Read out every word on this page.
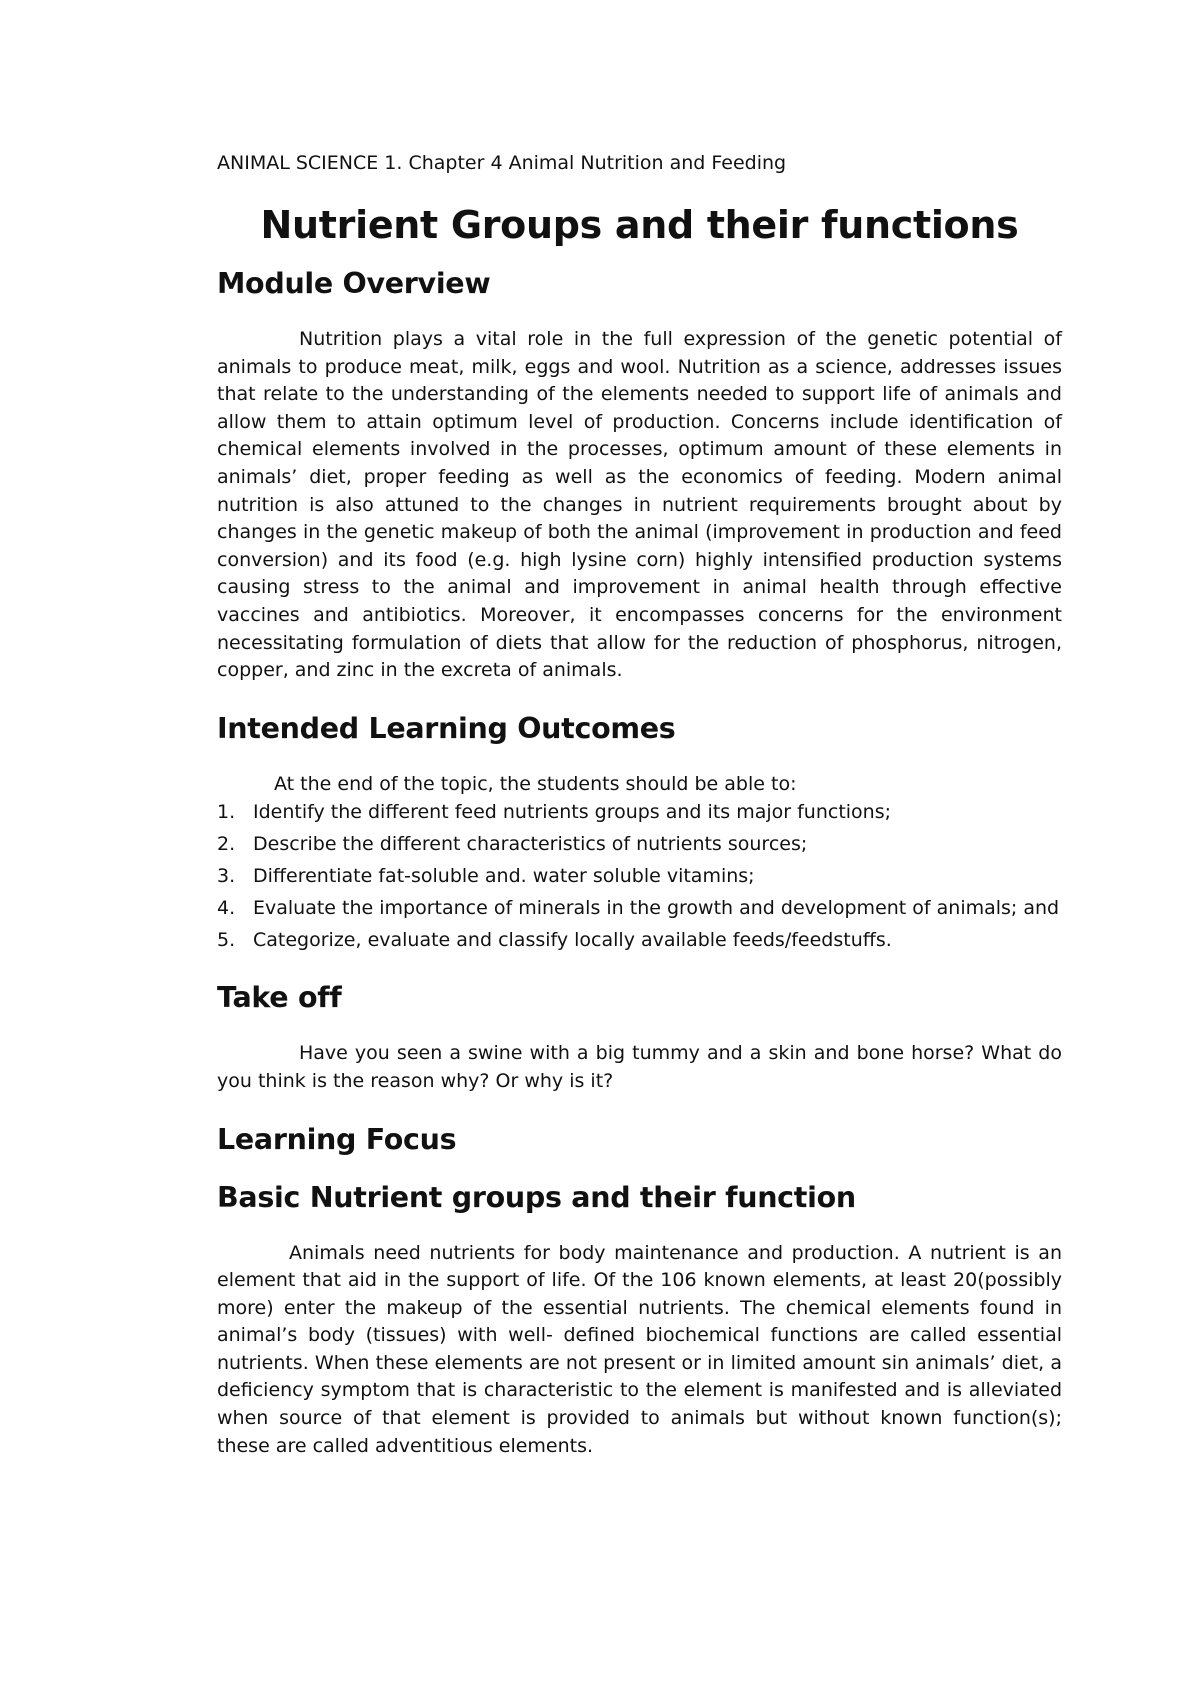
ANIMAL SCIENCE 1. Chapter 4 Animal Nutrition and Feeding

Nutrient Groups and their functions
Module Overview

Nutrition plays a vital role in the full expression of the genetic potential of animals to produce meat, milk, eggs and wool. Nutrition as a science, addresses issues that relate to the understanding of the elements needed to support life of animals and allow them to attain optimum level of production. Concerns include identification of chemical elements involved in the processes, optimum amount of these elements in animals’ diet, proper feeding as well as the economics of feeding. Modern animal nutrition is also attuned to the changes in nutrient requirements brought about by changes in the genetic makeup of both the animal (improvement in production and feed conversion) and its food (e.g. high lysine corn) highly intensified production systems causing stress to the animal and improvement in animal health through effective vaccines and antibiotics. Moreover, it encompasses concerns for the environment necessitating formulation of diets that allow for the reduction of phosphorus, nitrogen, copper, and zinc in the excreta of animals.

Intended Learning Outcomes

At the end of the topic, the students should be able to:

1. Identify the different feed nutrients groups and its major functions;
2. Describe the different characteristics of nutrients sources;
3. Differentiate fat-soluble and. water soluble vitamins;
4. Evaluate the importance of minerals in the growth and development of animals; and
5. Categorize, evaluate and classify locally available feeds/feedstuffs.
Take off

Have you seen a swine with a big tummy and a skin and bone horse? What do you think is the reason why? Or why is it?

Learning Focus
Basic Nutrient groups and their function

Animals need nutrients for body maintenance and production. A nutrient is an element that aid in the support of life. Of the 106 known elements, at least 20(possibly more) enter the makeup of the essential nutrients. The chemical elements found in animal’s body (tissues) with well- defined biochemical functions are called essential nutrients. When these elements are not present or in limited amount sin animals’ diet, a deficiency symptom that is characteristic to the element is manifested and is alleviated when source of that element is provided to animals but without known function(s); these are called adventitious elements.
